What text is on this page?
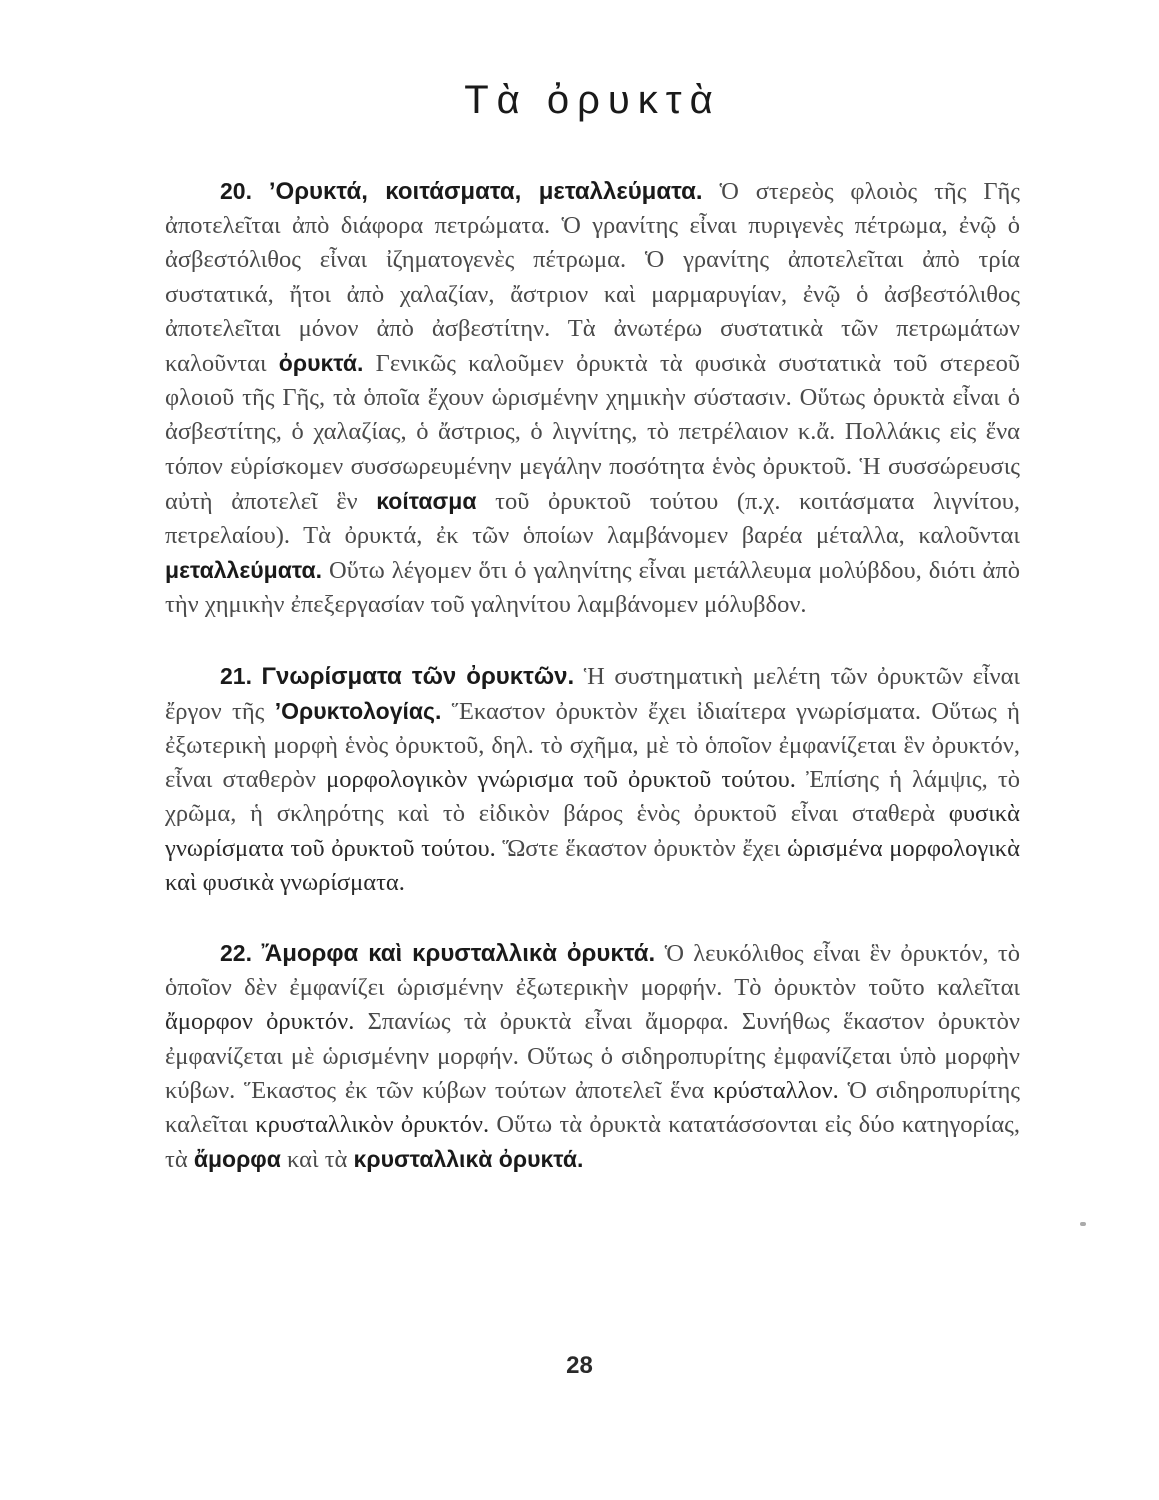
Τὰ ὀρυκτὰ

20. ’Ορυκτά, κοιτάσματα, μεταλλεύματα. Ὁ στερεὸς φλοιὸς τῆς Γῆς ἀποτελεῖται ἀπὸ διάφορα πετρώματα. Ὁ γρανίτης εἶναι πυριγενὲς πέτρωμα, ἐνῷ ὁ ἀσβεστόλιθος εἶναι ἰζηματογενὲς πέτρωμα. Ὁ γρανίτης ἀποτελεῖται ἀπὸ τρία συστατικά, ἤτοι ἀπὸ χαλαζίαν, ἄστριον καὶ μαρμαρυγίαν, ἐνῷ ὁ ἀσβεστόλιθος ἀποτελεῖται μόνον ἀπὸ ἀσβεστίτην. Τὰ ἀνωτέρω συστατικὰ τῶν πετρωμάτων καλοῦνται ὀρυκτά. Γενικῶς καλοῦμεν ὀρυκτὰ τὰ φυσικὰ συστατικὰ τοῦ στερεοῦ φλοιοῦ τῆς Γῆς, τὰ ὁποῖα ἔχουν ὡρισμένην χημικὴν σύστασιν. Οὕτως ὀρυκτὰ εἶναι ὁ ἀσβεστίτης, ὁ χαλαζίας, ὁ ἄστριος, ὁ λιγνίτης, τὸ πετρέλαιον κ.ἄ. Πολλάκις εἰς ἕνα τόπον εὑρίσκομεν συσσωρευμένην μεγάλην ποσότητα ἑνὸς ὀρυκτοῦ. Ἡ συσσώρευσις αὐτὴ ἀποτελεῖ ἓν κοίτασμα τοῦ ὀρυκτοῦ τούτου (π.χ. κοιτάσματα λιγνίτου, πετρελαίου). Τὰ ὀρυκτά, ἐκ τῶν ὁποίων λαμβάνομεν βαρέα μέταλλα, καλοῦνται μεταλλεύματα. Οὕτω λέγομεν ὅτι ὁ γαληνίτης εἶναι μετάλλευμα μολύβδου, διότι ἀπὸ τὴν χημικὴν ἐπεξεργασίαν τοῦ γαληνίτου λαμβάνομεν μόλυβδον.

21. Γνωρίσματα τῶν ὀρυκτῶν. Ἡ συστηματικὴ μελέτη τῶν ὀρυκτῶν εἶναι ἔργον τῆς ’Ορυκτολογίας. Ἕκαστον ὀρυκτὸν ἔχει ἰδιαίτερα γνωρίσματα. Οὕτως ἡ ἐξωτερικὴ μορφὴ ἑνὸς ὀρυκτοῦ, δηλ. τὸ σχῆμα, μὲ τὸ ὁποῖον ἐμφανίζεται ἓν ὀρυκτόν, εἶναι σταθερὸν μορφολογικὸν γνώρισμα τοῦ ὀρυκτοῦ τούτου. Ἐπίσης ἡ λάμψις, τὸ χρῶμα, ἡ σκληρότης καὶ τὸ εἰδικὸν βάρος ἑνὸς ὀρυκτοῦ εἶναι σταθερὰ φυσικὰ γνωρίσματα τοῦ ὀρυκτοῦ τούτου. Ὥστε ἕκαστον ὀρυκτὸν ἔχει ὡρισμένα μορφολογικὰ καὶ φυσικὰ γνωρίσματα.

22. Ἄμορφα καὶ κρυσταλλικὰ ὀρυκτά. Ὁ λευκόλιθος εἶναι ἓν ὀρυκτόν, τὸ ὁποῖον δὲν ἐμφανίζει ὡρισμένην ἐξωτερικὴν μορφήν. Τὸ ὀρυκτὸν τοῦτο καλεῖται ἄμορφον ὀρυκτόν. Σπανίως τὰ ὀρυκτὰ εἶναι ἄμορφα. Συνήθως ἕκαστον ὀρυκτὸν ἐμφανίζεται μὲ ὡρισμένην μορφήν. Οὕτως ὁ σιδηροπυρίτης ἐμφανίζεται ὑπὸ μορφὴν κύβων. Ἕκαστος ἐκ τῶν κύβων τούτων ἀποτελεῖ ἕνα κρύσταλλον. Ὁ σιδηροπυρίτης καλεῖται κρυσταλλικὸν ὀρυκτόν. Οὕτω τὰ ὀρυκτὰ κατατάσσονται εἰς δύο κατηγορίας, τὰ ἄμορφα καὶ τὰ κρυσταλλικὰ ὀρυκτά.

28
